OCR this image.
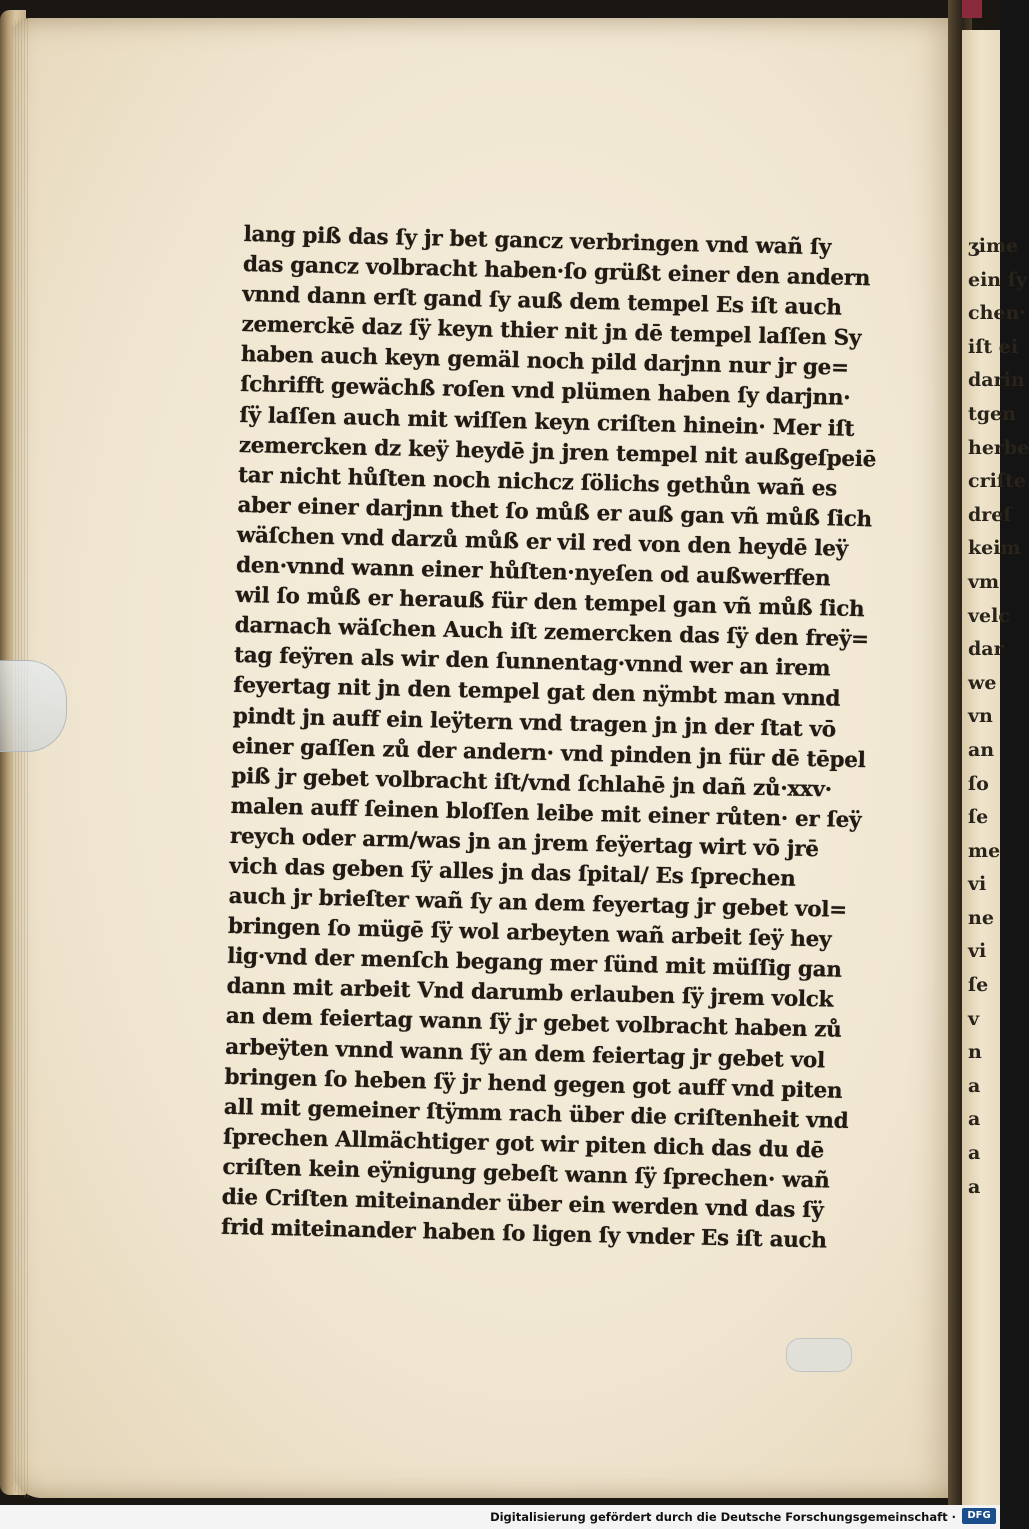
lang piß das ſy jr bet gancz verbringen vnd wañ ſy
das gancz volbracht haben·ſo grüßt einer den andern
vnnd dann erſt gand ſy auß dem tempel Es iſt auch
zemerckē daz ſÿ keyn thier nit jn dē tempel laſſen Sy
haben auch keyn gemäl noch pild darjnn nur jr ge=
ſchrifft gewächß roſen vnd plümen haben ſy darjnn·
ſÿ laſſen auch mit wiſſen keyn criſten hinein· Mer iſt
zemercken dz keÿ heydē jn jren tempel nit außgeſpeiē
tar nicht hůſten noch nichcz ſölichs gethůn wañ es
aber einer darjnn thet ſo můß er auß gan vñ můß ſich
wäſchen vnd darzů můß er vil red von den heydē leÿ
den·vnnd wann einer hůſten·nyeſen od außwerffen
wil ſo můß er herauß für den tempel gan vñ můß ſich
darnach wäſchen Auch iſt zemercken das ſÿ den freÿ=
tag feÿren als wir den ſunnentag·vnnd wer an irem
feyertag nit jn den tempel gat den nÿmbt man vnnd
pindt jn auff ein leÿtern vnd tragen jn jn der ſtat vō
einer gaſſen zů der andern· vnd pinden jn für dē tēpel
piß jr gebet volbracht iſt/vnd ſchlahē jn dañ zů·xxv·
malen auff ſeinen bloſſen leibe mit einer růten· er ſeÿ
reych oder arm/was jn an jrem feÿertag wirt vō jrē
vich das geben ſÿ alles jn das ſpital/ Es ſprechen
auch jr brieſter wañ ſy an dem feyertag jr gebet vol=
bringen ſo mügē ſÿ wol arbeyten wañ arbeit ſeÿ hey
lig·vnd der menſch begang mer ſünd mit müſſig gan
dann mit arbeit Vnd darumb erlauben ſÿ jrem volck
an dem feiertag wann ſÿ jr gebet volbracht haben zů
arbeÿten vnnd wann ſÿ an dem feiertag jr gebet vol
bringen ſo heben ſÿ jr hend gegen got auff vnd piten
all mit gemeiner ſtÿmm rach über die criſtenheit vnd
ſprechen Allmächtiger got wir piten dich das du dē
criſten kein eÿnigung gebeſt wann ſÿ ſprechen· wañ
die Criſten miteinander über ein werden vnd das ſÿ
frid miteinander haben ſo ligen ſy vnder Es iſt auch
ʒime
ein ſy
chen·
iſt ei
darin
tgen
herbe
criſte
dreſ
keim
vm
velc
dar
we
vn
an
ſo
ſe
me
vi
ne
vi
ſe
v
n
a
a
a
a
Digitalisierung gefördert durch die Deutsche Forschungsgemeinschaft ·	DFG
